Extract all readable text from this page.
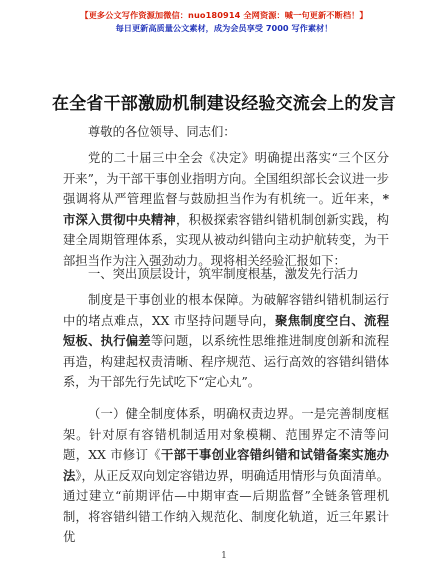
【更多公文写作资源加微信：nuo180914 全网资源：喊一句更新不断档！】
每日更新高质量公文素材，成为会员享受 7000 写作素材！
在全省干部激励机制建设经验交流会上的发言

尊敬的各位领导、同志们：

党的二十届三中全会《决定》明确提出落实“三个区分开来”，为干部干事创业指明方向。全国组织部长会议进一步强调将从严管理监督与鼓励担当作为有机统一。近年来，*市深入贯彻中央精神，积极探索容错纠错机制创新实践，构建全周期管理体系，实现从被动纠错向主动护航转变，为干部担当作为注入强劲动力。现将相关经验汇报如下：

一、突出顶层设计，筑牢制度根基，激发先行活力

制度是干事创业的根本保障。为破解容错纠错机制运行中的堵点难点，XX 市坚持问题导向，聚焦制度空白、流程短板、执行偏差等问题，以系统性思维推进制度创新和流程再造，构建起权责清晰、程序规范、运行高效的容错纠错体系，为干部先行先试吃下“定心丸”。

（一）健全制度体系，明确权责边界。一是完善制度框架。针对原有容错机制适用对象模糊、范围界定不清等问题，XX 市修订《干部干事创业容错纠错和试错备案实施办法》，从正反双向划定容错边界，明确适用情形与负面清单。通过建立“前期评估—中期审查—后期监督”全链条管理机制，将容错纠错工作纳入规范化、制度化轨道，近三年累计优

1
